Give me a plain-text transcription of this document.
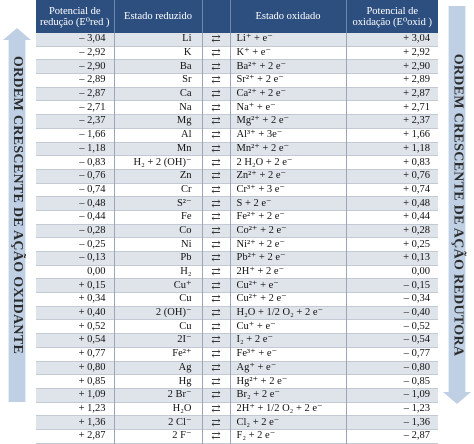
ORDEM CRESCENTE DE AÇÃO OXIDANTE
Potencial de redução (E⁰red )	Estado reduzido		Estado oxidado	Potencial de oxidação (E⁰oxid )
– 3,04	Li	⇄	Li⁺ + e⁻	+ 3,04
– 2,92	K	⇄	K⁺ + e⁻	+ 2,92
– 2,90	Ba	⇄	Ba²⁺ + 2 e⁻	+ 2,90
– 2,89	Sr	⇄	Sr²⁺ + 2 e⁻	+ 2,89
– 2,87	Ca	⇄	Ca²⁺ + 2 e⁻	+ 2,87
– 2,71	Na	⇄	Na⁺ + e⁻	+ 2,71
– 2,37	Mg	⇄	Mg²⁺ + 2 e⁻	+ 2,37
– 1,66	Al	⇄	Al³⁺ + 3e⁻	+ 1,66
– 1,18	Mn	⇄	Mn²⁺ + 2 e⁻	+ 1,18
– 0,83	H₂ + 2 (OH)⁻	⇄	2 H₂O + 2 e⁻	+ 0,83
– 0,76	Zn	⇄	Zn²⁺ + 2 e⁻	+ 0,76
– 0,74	Cr	⇄	Cr³⁺ + 3 e⁻	+ 0,74
– 0,48	S²⁻	⇄	S + 2 e⁻	+ 0,48
– 0,44	Fe	⇄	Fe²⁺ + 2 e⁻	+ 0,44
– 0,28	Co	⇄	Co²⁺ + 2 e⁻	+ 0,28
– 0,25	Ni	⇄	Ni²⁺ + 2 e⁻	+ 0,25
– 0,13	Pb	⇄	Pb²⁺ + 2 e⁻	+ 0,13
0,00	H₂	⇄	2H⁺ + 2 e⁻	0,00
+ 0,15	Cu⁺	⇄	Cu²⁺ + e⁻	– 0,15
+ 0,34	Cu	⇄	Cu²⁺ + 2 e⁻	– 0,34
+ 0,40	2 (OH)⁻	⇄	H₂O + 1/2 O₂ + 2 e⁻	– 0,40
+ 0,52	Cu	⇄	Cu⁺ + e⁻	– 0,52
+ 0,54	2I⁻	⇄	I₂ + 2 e⁻	– 0,54
+ 0,77	Fe²⁺	⇄	Fe³⁺ + e⁻	– 0,77
+ 0,80	Ag	⇄	Ag⁺ + e⁻	– 0,80
+ 0,85	Hg	⇄	Hg²⁺ + 2 e⁻	– 0,85
+ 1,09	2 Br⁻	⇄	Br₂ + 2 e⁻	– 1,09
+ 1,23	H₂O	⇄	2H⁺ + 1/2 O₂ + 2 e⁻	– 1,23
+ 1,36	2 Cl⁻	⇄	Cl₂ + 2 e⁻	– 1,36
+ 2,87	2 F⁻	⇄	F₂ + 2 e⁻	– 2,87
ORDEM CRESCENTE DE AÇÃO REDUTORA
